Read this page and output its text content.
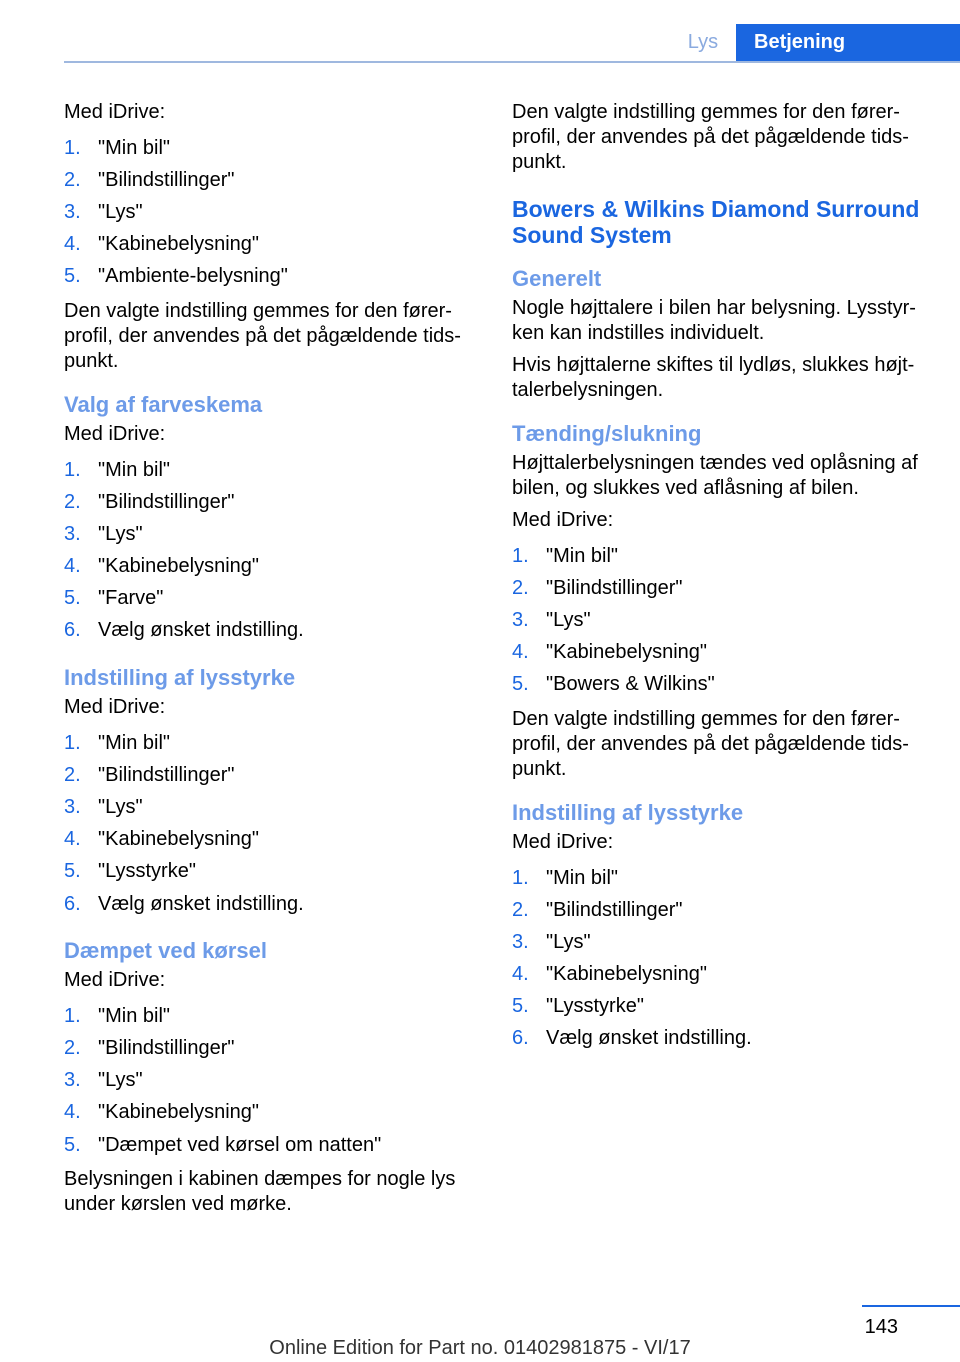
Lys	Betjening

Med iDrive:

1. "Min bil"
2. "Bilindstillinger"
3. "Lys"
4. "Kabinebelysning"
5. "Ambiente-belysning"

Den valgte indstilling gemmes for den førerprofil, der anvendes på det pågældende tidspunkt.

Valg af farveskema

Med iDrive:

1. "Min bil"
2. "Bilindstillinger"
3. "Lys"
4. "Kabinebelysning"
5. "Farve"
6. Vælg ønsket indstilling.
Indstilling af lysstyrke

Med iDrive:

1. "Min bil"
2. "Bilindstillinger"
3. "Lys"
4. "Kabinebelysning"
5. "Lysstyrke"
6. Vælg ønsket indstilling.
Dæmpet ved kørsel

Med iDrive:

1. "Min bil"
2. "Bilindstillinger"
3. "Lys"
4. "Kabinebelysning"
5. "Dæmpet ved kørsel om natten"

Belysningen i kabinen dæmpes for nogle lys under kørslen ved mørke.

Den valgte indstilling gemmes for den førerprofil, der anvendes på det pågældende tidspunkt.

Bowers & Wilkins Diamond Surround Sound System
Generelt

Nogle højttalere i bilen har belysning. Lysstyrken kan indstilles individuelt.

Hvis højttalerne skiftes til lydløs, slukkes højttalerbelysningen.

Tænding/slukning

Højttalerbelysningen tændes ved oplåsning af bilen, og slukkes ved aflåsning af bilen.

Med iDrive:

1. "Min bil"
2. "Bilindstillinger"
3. "Lys"
4. "Kabinebelysning"
5. "Bowers & Wilkins"

Den valgte indstilling gemmes for den førerprofil, der anvendes på det pågældende tidspunkt.

Indstilling af lysstyrke

Med iDrive:

1. "Min bil"
2. "Bilindstillinger"
3. "Lys"
4. "Kabinebelysning"
5. "Lysstyrke"
6. Vælg ønsket indstilling.
143
Online Edition for Part no. 01402981875 - VI/17
